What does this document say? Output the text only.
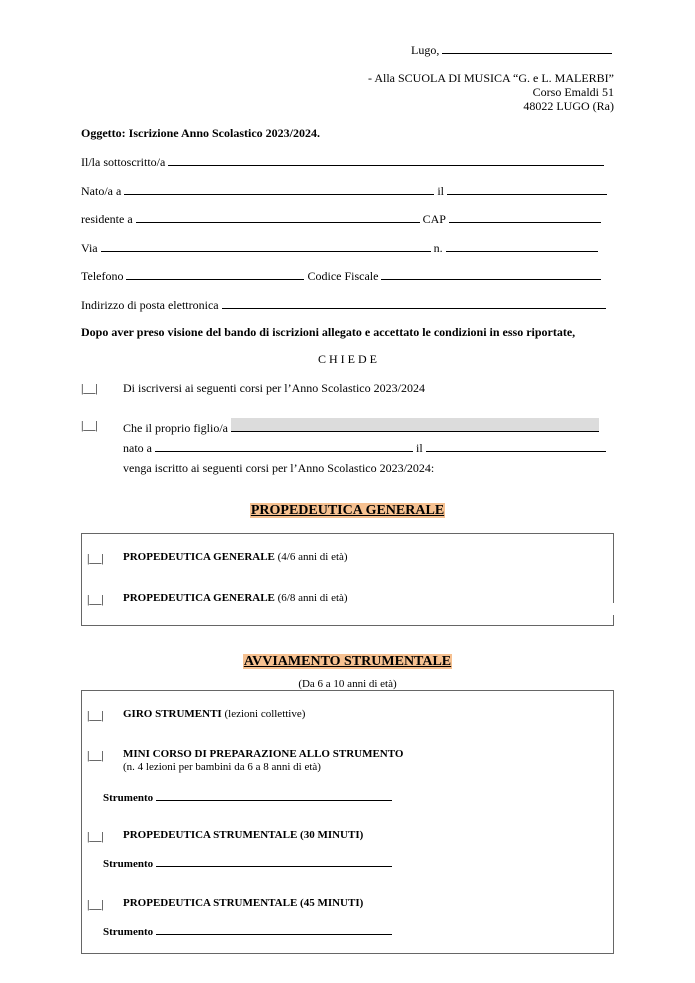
Lugo,
- Alla SCUOLA DI MUSICA “G. e L. MALERBI”
Corso Emaldi 51
48022 LUGO (Ra)
Oggetto: Iscrizione Anno Scolastico 2023/2024.
Il/la sottoscritto/a
Nato/a a	il
residente a	CAP
Via	n.
Telefono	Codice Fiscale
Indirizzo di posta elettronica
Dopo aver preso visione del bando di iscrizioni allegato e accettato le condizioni in esso riportate,
C H I E D E
|__| Di iscriversi ai seguenti corsi per l’Anno Scolastico 2023/2024
|__| Che il proprio figlio/a
nato a	il
venga iscritto ai seguenti corsi per l’Anno Scolastico 2023/2024:
PROPEDEUTICA GENERALE
|__| PROPEDEUTICA GENERALE (4/6 anni di età)
|__| PROPEDEUTICA GENERALE (6/8 anni di età)
AVVIAMENTO STRUMENTALE
(Da 6 a 10 anni di età)
|__| GIRO STRUMENTI (lezioni collettive)
|__| MINI CORSO DI PREPARAZIONE ALLO STRUMENTO
(n. 4 lezioni per bambini da 6 a 8 anni di età)
Strumento
|__| PROPEDEUTICA STRUMENTALE (30 MINUTI)
Strumento
|__| PROPEDEUTICA STRUMENTALE (45 MINUTI)
Strumento
